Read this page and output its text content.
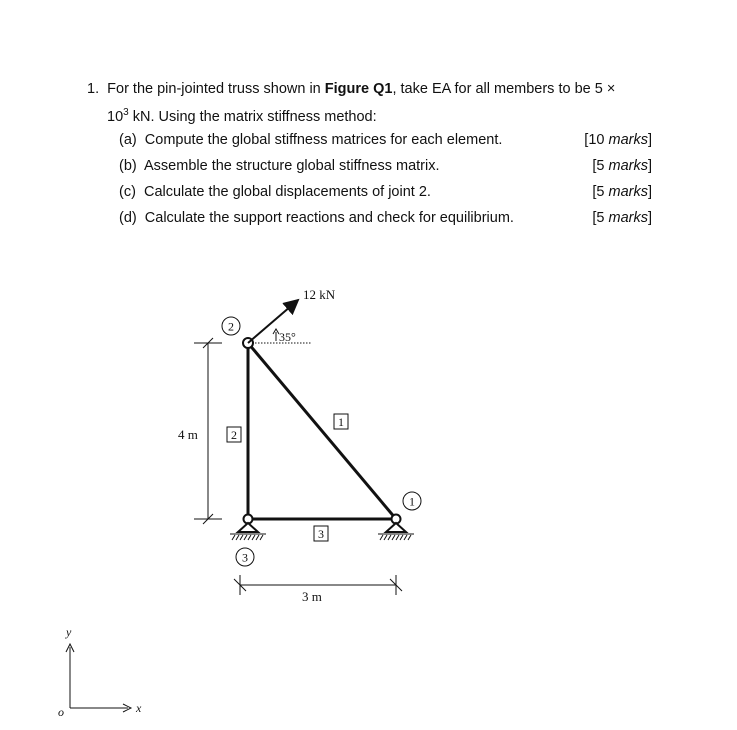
1. For the pin-jointed truss shown in Figure Q1, take EA for all members to be 5 ×
$10^3$ kN. Using the matrix stiffness method:
(a) Compute the global stiffness matrices for each element.	[10 marks]
(b) Assemble the structure global stiffness matrix.	[5 marks]
(c) Calculate the global displacements of joint 2.	[5 marks]
(d) Calculate the support reactions and check for equilibrium.	[5 marks]
35°
12 kN
2
1
3
1
2
3
4 m
3 m
y
x
o
